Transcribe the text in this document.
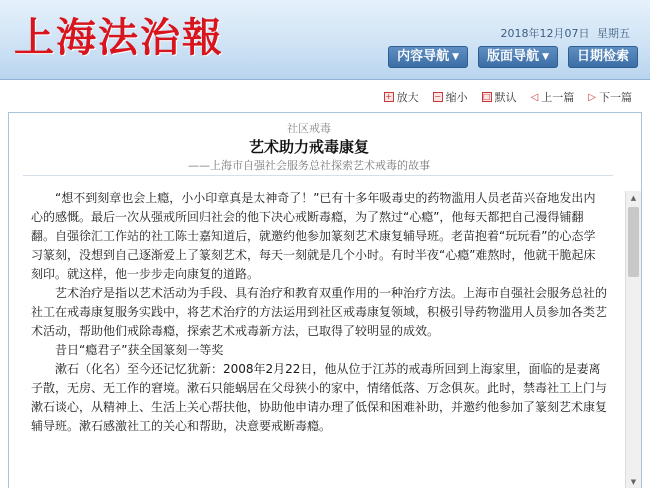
上海法治報	2018年12月07日 星期五
内容导航 ▼ 版面导航 ▼ 日期检索
+ 放大 − 缩小 □ 默认 ◁ 上一篇 ▷ 下一篇
社区戒毒
艺术助力戒毒康复
——上海市自强社会服务总社探索艺术戒毒的故事

“想不到刻章也会上瘾，小小印章真是太神奇了！”已有十多年吸毒史的药物滥用人员老苗兴奋地发出内心的感慨。最后一次从强戒所回归社会的他下决心戒断毒瘾，为了熬过“心瘾”，他每天都把自己漫得铺翻翻。自强徐汇工作站的社工陈士嘉知道后，就邀约他参加篆刻艺术康复辅导班。老苗抱着“玩玩看”的心态学习篆刻，没想到自己逐渐爱上了篆刻艺术，每天一刻就是几个小时。有时半夜“心瘾”难熬时，他就干脆起床刻印。就这样，他一步步走向康复的道路。

艺术治疗是指以艺术活动为手段、具有治疗和教育双重作用的一种治疗方法。上海市自强社会服务总社的社工在戒毒康复服务实践中，将艺术治疗的方法运用到社区戒毒康复领域，积极引导药物滥用人员参加各类艺术活动，帮助他们戒除毒瘾，探索艺术戒毒新方法，已取得了较明显的成效。

昔日“瘾君子”获全国篆刻一等奖

漱石（化名）至今还记忆犹新：2008年2月22日，他从位于江苏的戒毒所回到上海家里，面临的是妻离子散，无房、无工作的窘境。漱石只能蜗居在父母狭小的家中，情绪低落、万念俱灰。此时，禁毒社工上门与漱石谈心，从精神上、生活上关心帮扶他，协助他申请办理了低保和困难补助，并邀约他参加了篆刻艺术康复辅导班。漱石感激社工的关心和帮助，决意要戒断毒瘾。

▲
▼
